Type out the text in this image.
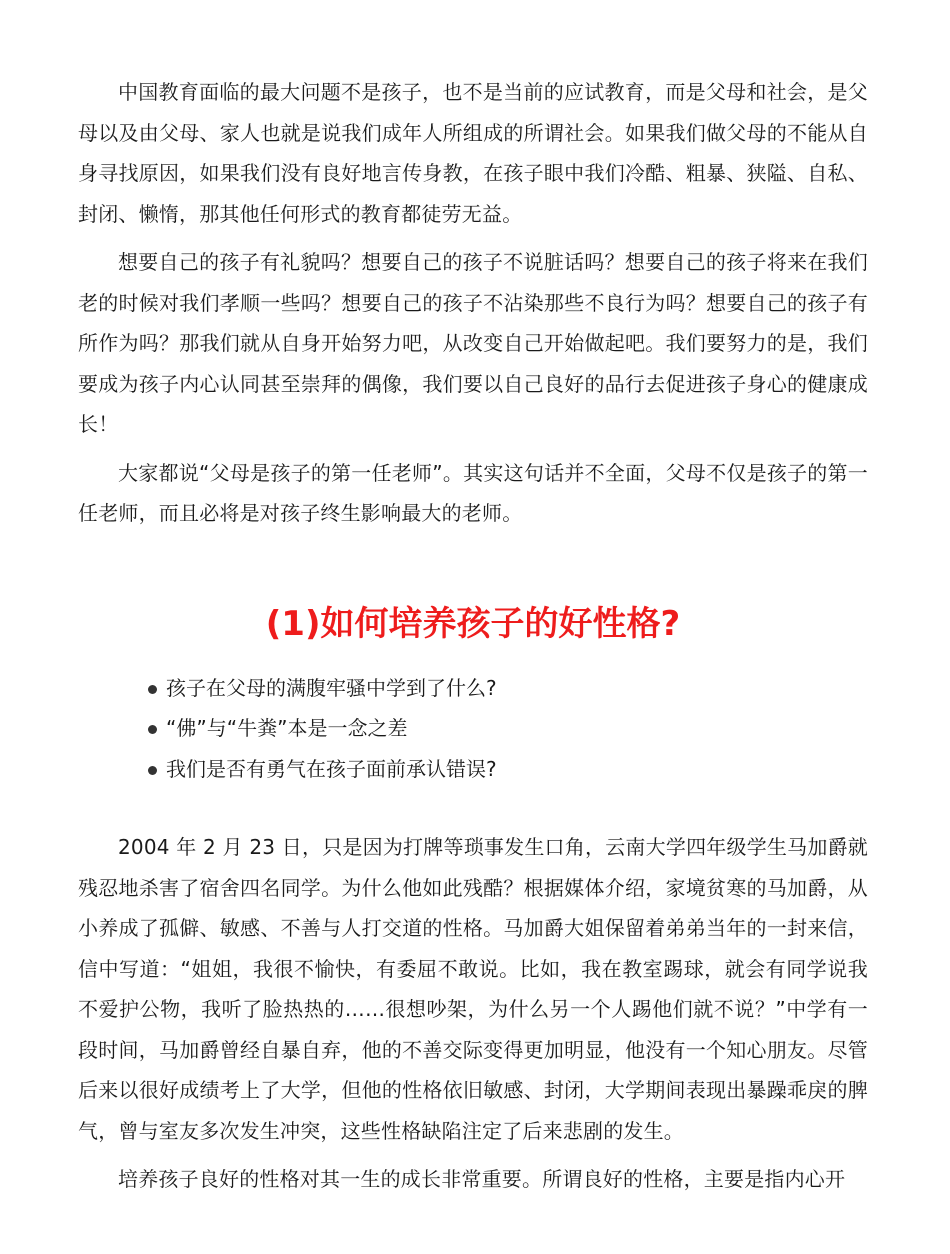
中国教育面临的最大问题不是孩子，也不是当前的应试教育，而是父母和社会，是父母以及由父母、家人也就是说我们成年人所组成的所谓社会。如果我们做父母的不能从自身寻找原因，如果我们没有良好地言传身教，在孩子眼中我们冷酷、粗暴、狭隘、自私、封闭、懒惰，那其他任何形式的教育都徒劳无益。

想要自己的孩子有礼貌吗？想要自己的孩子不说脏话吗？想要自己的孩子将来在我们老的时候对我们孝顺一些吗？想要自己的孩子不沾染那些不良行为吗？想要自己的孩子有所作为吗？那我们就从自身开始努力吧，从改变自己开始做起吧。我们要努力的是，我们要成为孩子内心认同甚至崇拜的偶像，我们要以自己良好的品行去促进孩子身心的健康成长！

大家都说“父母是孩子的第一任老师”。其实这句话并不全面，父母不仅是孩子的第一任老师，而且必将是对孩子终生影响最大的老师。

(1)如何培养孩子的好性格?
孩子在父母的满腹牢骚中学到了什么?
“佛”与“牛粪”本是一念之差
我们是否有勇气在孩子面前承认错误?

2004 年 2 月 23 日，只是因为打牌等琐事发生口角，云南大学四年级学生马加爵就残忍地杀害了宿舍四名同学。为什么他如此残酷？根据媒体介绍，家境贫寒的马加爵，从小养成了孤僻、敏感、不善与人打交道的性格。马加爵大姐保留着弟弟当年的一封来信，信中写道：“姐姐，我很不愉快，有委屈不敢说。比如，我在教室踢球，就会有同学说我不爱护公物，我听了脸热热的……很想吵架，为什么另一个人踢他们就不说？”中学有一段时间，马加爵曾经自暴自弃，他的不善交际变得更加明显，他没有一个知心朋友。尽管后来以很好成绩考上了大学，但他的性格依旧敏感、封闭，大学期间表现出暴躁乖戾的脾气，曾与室友多次发生冲突，这些性格缺陷注定了后来悲剧的发生。

培养孩子良好的性格对其一生的成长非常重要。所谓良好的性格，主要是指内心开
